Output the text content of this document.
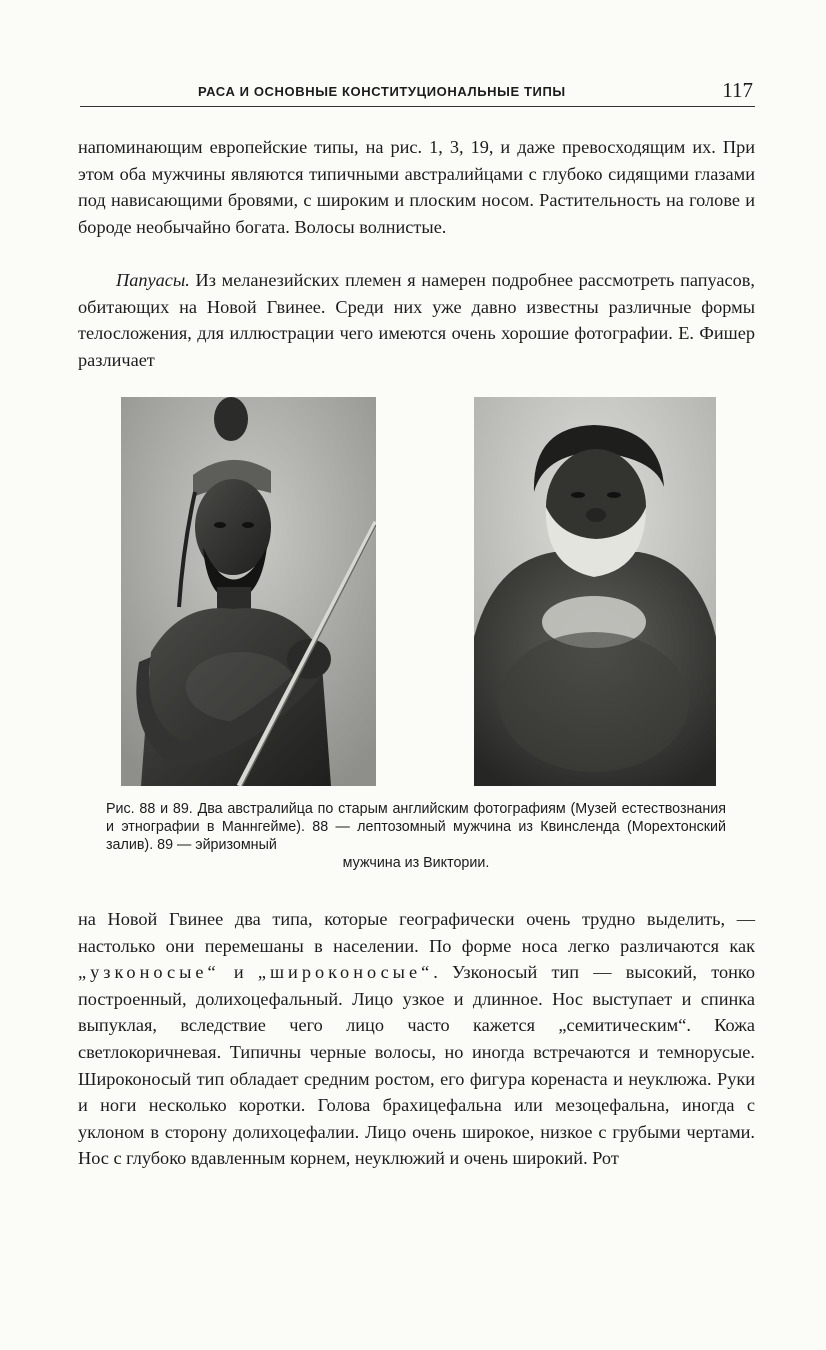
РАСА И ОСНОВНЫЕ КОНСТИТУЦИОНАЛЬНЫЕ ТИПЫ	117

напоминающим европейские типы, на рис. 1, 3, 19, и даже превосходящим их. При этом оба мужчины являются типичными австралийцами с глубоко сидящими глазами под нависающими бровями, с широким и плоским носом. Растительность на голове и бороде необычайно богата. Волосы волнистые.

Папуасы. Из меланезийских племен я намерен подробнее рассмотреть папуасов, обитающих на Новой Гвинее. Среди них уже давно известны различные формы телосложения, для иллюстрации чего имеются очень хорошие фотографии. Е. Фишер различает

Рис. 88 и 89. Два австралийца по старым английским фотографиям (Музей естествознания и этнографии в Маннгейме). 88 — лептозомный мужчина из Квинсленда (Морехтонский залив). 89 — эйризомный

мужчина из Виктории.

на Новой Гвинее два типа, которые географически очень трудно выделить, — настолько они перемешаны в населении. По форме носа легко различаются как „узконосые“ и „широконосые“. Узконосый тип — высокий, тонко построенный, долихоцефальный. Лицо узкое и длинное. Нос выступает и спинка выпуклая, вследствие чего лицо часто кажется „семитическим“. Кожа светлокоричневая. Типичны черные волосы, но иногда встречаются и темнорусые. Широконосый тип обладает средним ростом, его фигура коренаста и неуклюжа. Руки и ноги несколько коротки. Голова брахицефальна или мезоцефальна, иногда с уклоном в сторону долихоцефалии. Лицо очень широкое, низкое с грубыми чертами. Нос с глубоко вдавленным корнем, неуклюжий и очень широкий. Рот
